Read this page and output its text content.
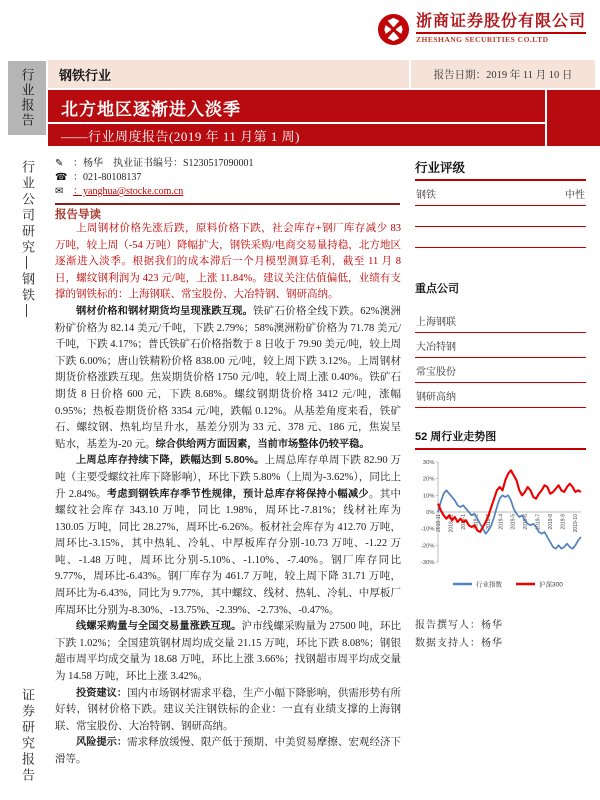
浙商证券股份有限公司
ZHESHANG SECURITIES CO.LTD
行业报告
行业公司研究—钢铁—
证券研究报告
钢铁行业	报告日期：2019 年 11 月 10 日
北方地区逐渐进入淡季
——行业周度报告(2019 年 11 月第 1 周)
✎ ：杨华　执业证书编号：S1230517090001
☎ ：021-80108137
✉ ：yanghua@stocke.com.cn
报告导读
上周钢材价格先涨后跌，原料价格下跌，社会库存+钢厂库存减少 83 万吨，较上周（-54 万吨）降幅扩大，钢铁采购/电商交易量持稳，北方地区逐渐进入淡季。根据我们的成本滞后一个月模型测算毛利，截至 11 月 8 日，螺纹钢利润为 423 元/吨，上涨 11.84%。建议关注估值偏低，业绩有支撑的钢铁标的：上海钢联、常宝股份、大冶特钢、钢研高纳。
钢材价格和钢材期货均呈现涨跌互现。铁矿石价格全线下跌。62%澳洲粉矿价格为 82.14 美元/千吨，下跌 2.79%；58%澳洲粉矿价格为 71.78 美元/千吨，下跌 4.17%；普氏铁矿石价格指数于 8 日收于 79.90 美元/吨，较上周下跌 6.00%；唐山铁精粉价格 838.00 元/吨，较上周下跌 3.12%。上周钢材期货价格涨跌互现。焦炭期货价格 1750 元/吨，较上周上涨 0.40%。铁矿石期货 8 日价格 600 元，下跌 8.68%。螺纹钢期货价格 3412 元/吨，涨幅 0.95%；热板卷期货价格 3354 元/吨，跌幅 0.12%。从基差角度来看，铁矿石、螺纹钢、热轧均呈升水，基差分别为 33 元、378 元、186 元，焦炭呈贴水，基差为-20 元。综合供给两方面因素，当前市场整体仍较平稳。
上周总库存持续下降，跌幅达到 5.80%。上周总库存单周下跌 82.90 万吨（主要受螺纹社库下降影响），环比下跌 5.80%（上周为-3.62%），同比上升 2.84%。考虑到钢铁库存季节性规律，预计总库存将保持小幅减少。其中螺纹社会库存 343.10 万吨，同比 1.98%，周环比-7.81%；线材社库为 130.05 万吨，同比 28.27%，周环比-6.26%。板材社会库存为 412.70 万吨，周环比-3.15%，其中热轧、冷轧、中厚板库存分别-10.73 万吨、-1.22 万吨、-1.48 万吨，周环比分别-5.10%、-1.10%、-7.40%。钢厂库存同比 9.77%，周环比-6.43%。钢厂库存为 461.7 万吨，较上周下降 31.71 万吨，周环比为-6.43%，同比为 9.77%，其中螺纹、线材、热轧、冷轧、中厚板厂库周环比分别为-8.30%、-13.75%、-2.39%、-2.73%、-0.47%。
线螺采购量与全国交易量涨跌互现。沪市线螺采购量为 27500 吨，环比下跌 1.02%；全国建筑钢材周均成交量 21.15 万吨，环比下跌 8.08%；钢银超市周平均成交量为 18.68 万吨，环比上涨 3.66%；找钢超市周平均成交量为 14.58 万吨，环比上涨 3.42%。
投资建议：国内市场钢材需求平稳，生产小幅下降影响，供需形势有所好转，钢材价格下跌。建议关注钢铁标的企业：一直有业绩支撑的上海钢联、常宝股份、大冶特钢、钢研高纳。
风险提示：需求释放缓慢、限产低于预期、中美贸易摩擦、宏观经济下滑等。
行业评级
钢铁	中性
重点公司
上海钢联
大冶特钢
常宝股份
钢研高纳
52 周行业走势图
30%
20%
10%
0%
-10%
-20%
-30%
2018-11 2018-12 2019-1 2019-2 2019-3 2019-4 2019-5 2019-6 2019-7 2019-8 2019-9 2019-10
行业指数	沪深300
报告撰写人：杨华
数据支持人：杨华
